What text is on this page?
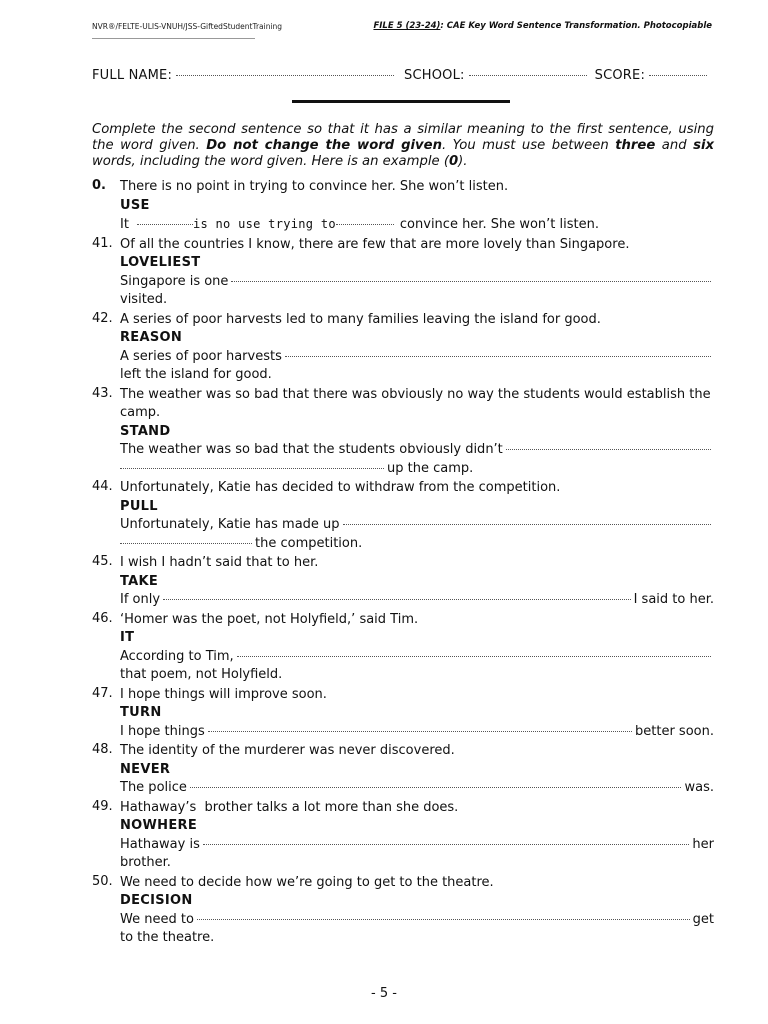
NVR®/FELTE-ULIS-VNUH/JSS-GiftedStudentTraining	FILE 5 (23-24): CAE Key Word Sentence Transformation. Photocopiable
FULL NAME:	SCHOOL:	SCORE:
Complete the second sentence so that it has a similar meaning to the first sentence, using the word given. Do not change the word given. You must use between three and six words, including the word given. Here is an example (0).
0. There is no point in trying to convince her. She won’t listen.
USE
It	is no use trying to	convince her. She won’t listen.
41. Of all the countries I know, there are few that are more lovely than Singapore.
LOVELIEST
Singapore is one
visited.
42. A series of poor harvests led to many families leaving the island for good.
REASON
A series of poor harvests
left the island for good.
43. The weather was so bad that there was obviously no way the students would establish the camp.
STAND
The weather was so bad that the students obviously didn’t
up the camp.
44. Unfortunately, Katie has decided to withdraw from the competition.
PULL
Unfortunately, Katie has made up
the competition.
45. I wish I hadn’t said that to her.
TAKE
If only	I said to her.
46. ‘Homer was the poet, not Holyfield,’ said Tim.
IT
According to Tim,
that poem, not Holyfield.
47. I hope things will improve soon.
TURN
I hope things	better soon.
48. The identity of the murderer was never discovered.
NEVER
The police	was.
49. Hathaway’s  brother talks a lot more than she does.
NOWHERE
Hathaway is	her
brother.
50. We need to decide how we’re going to get to the theatre.
DECISION
We need to	get
to the theatre.
- 5 -
